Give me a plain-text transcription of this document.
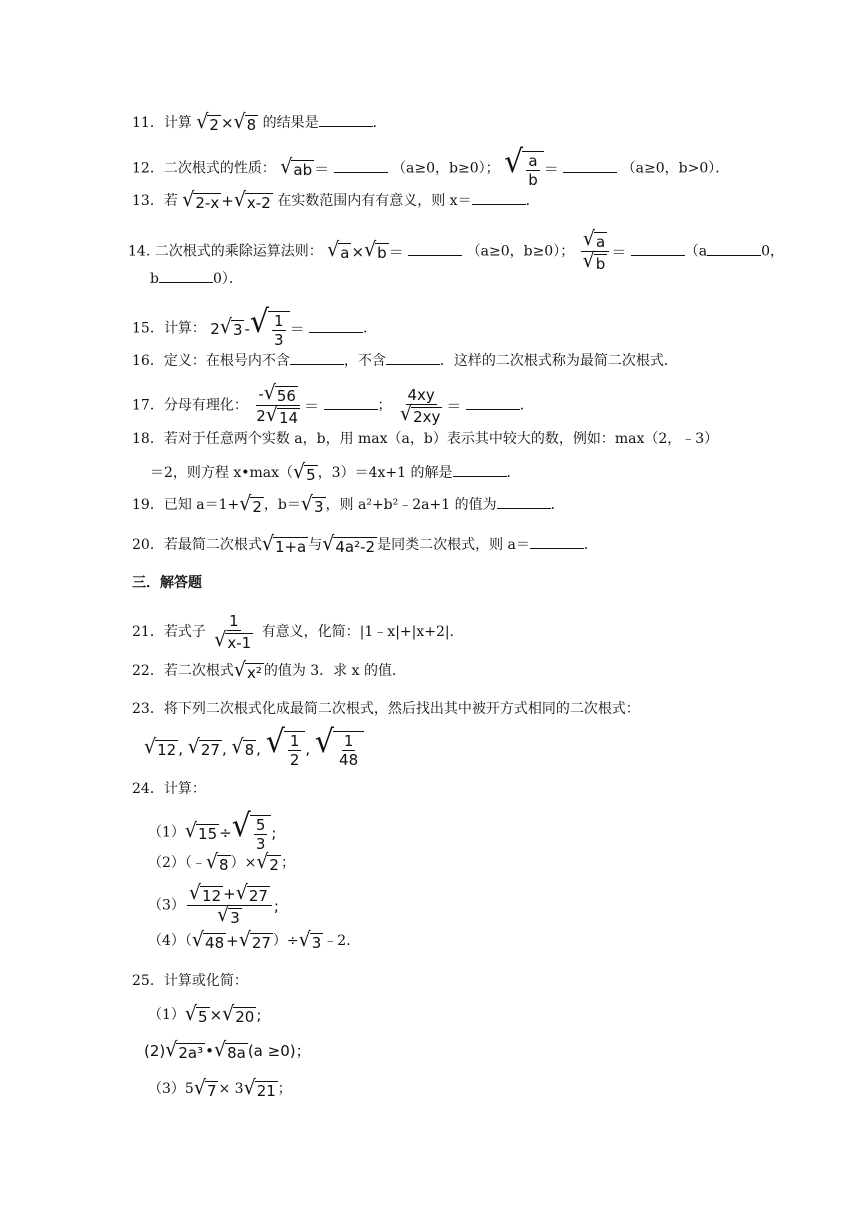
11．计算 √ 2 × √ 8 的结果是	．
12．二次根式的性质： √ ab ＝	（a≥0，b≥0）； √ $\frac{a}{b}$ ＝	（a≥0，b>0）．
13．若 √ 2-x + √ x-2 在实数范围内有有意义，则 x＝	．
14. 二次根式的乘除运算法则： √ a × √ b ＝	（a≥0，b≥0）； $\frac{√ a}{√ b}$ ＝	（a	0，
b	0）．
15．计算： 2 √ 3 - √ $\frac{1}{3}$ ＝	．
16．定义：在根号内不含	，不含	．这样的二次根式称为最简二次根式．
17．分母有理化： $\frac{- √ 56}{2 √ 14}$ ＝	； $\frac{4xy}{√ 2xy}$ ＝	．
18．若对于任意两个实数 a，b，用 max（a，b）表示其中较大的数，例如：max（2，﹣3）
＝2，则方程 x•max（ √ 5 ，3）＝4x+1 的解是	．
19．已知 a＝1+ √ 2 ，b＝ √ 3 ，则 a²+b²﹣2a+1 的值为	．
20．若最简二次根式 √ 1+a 与 √ 4a²-2 是同类二次根式，则 a＝	．
三．解答题
21．若式子 $\frac{1}{√ x-1}$ 有意义，化简：|1﹣x|+|x+2|．
22．若二次根式 √ x² 的值为 3．求 x 的值．
23．将下列二次根式化成最简二次根式，然后找出其中被开方式相同的二次根式：
√ 12 , √ 27 , √ 8 , √ $\frac{1}{2}$ , √ $\frac{1}{48}$
24．计算：
（1） √ 15 ÷ √ $\frac{5}{3}$ ;
（2）（﹣ √ 8 ）× √ 2 ；
$(3) \frac{√ 12 + √ 27}{√ 3}$ ;
（4）（ √ 48 + √ 27 ）÷ √ 3 ﹣2．
25．计算或化简：
（1） √ 5 × √ 20 ;
(2) √ 2a³ • √ 8a (a ≥0)；
（3）5 √ 7 × 3 √ 21 ；
